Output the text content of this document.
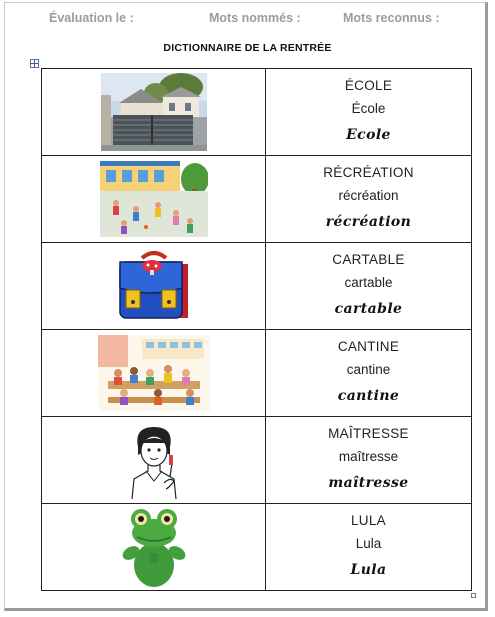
Évaluation le :	Mots nommés :	Mots reconnus :
DICTIONNAIRE DE LA RENTRÉE

ÉCOLE
École
Ecole

RÉCRÉATION
récréation
récréation

CARTABLE
cartable
cartable

CANTINE
cantine
cantine

MAÎTRESSE
maîtresse
maîtresse

LULA
Lula
Lula
